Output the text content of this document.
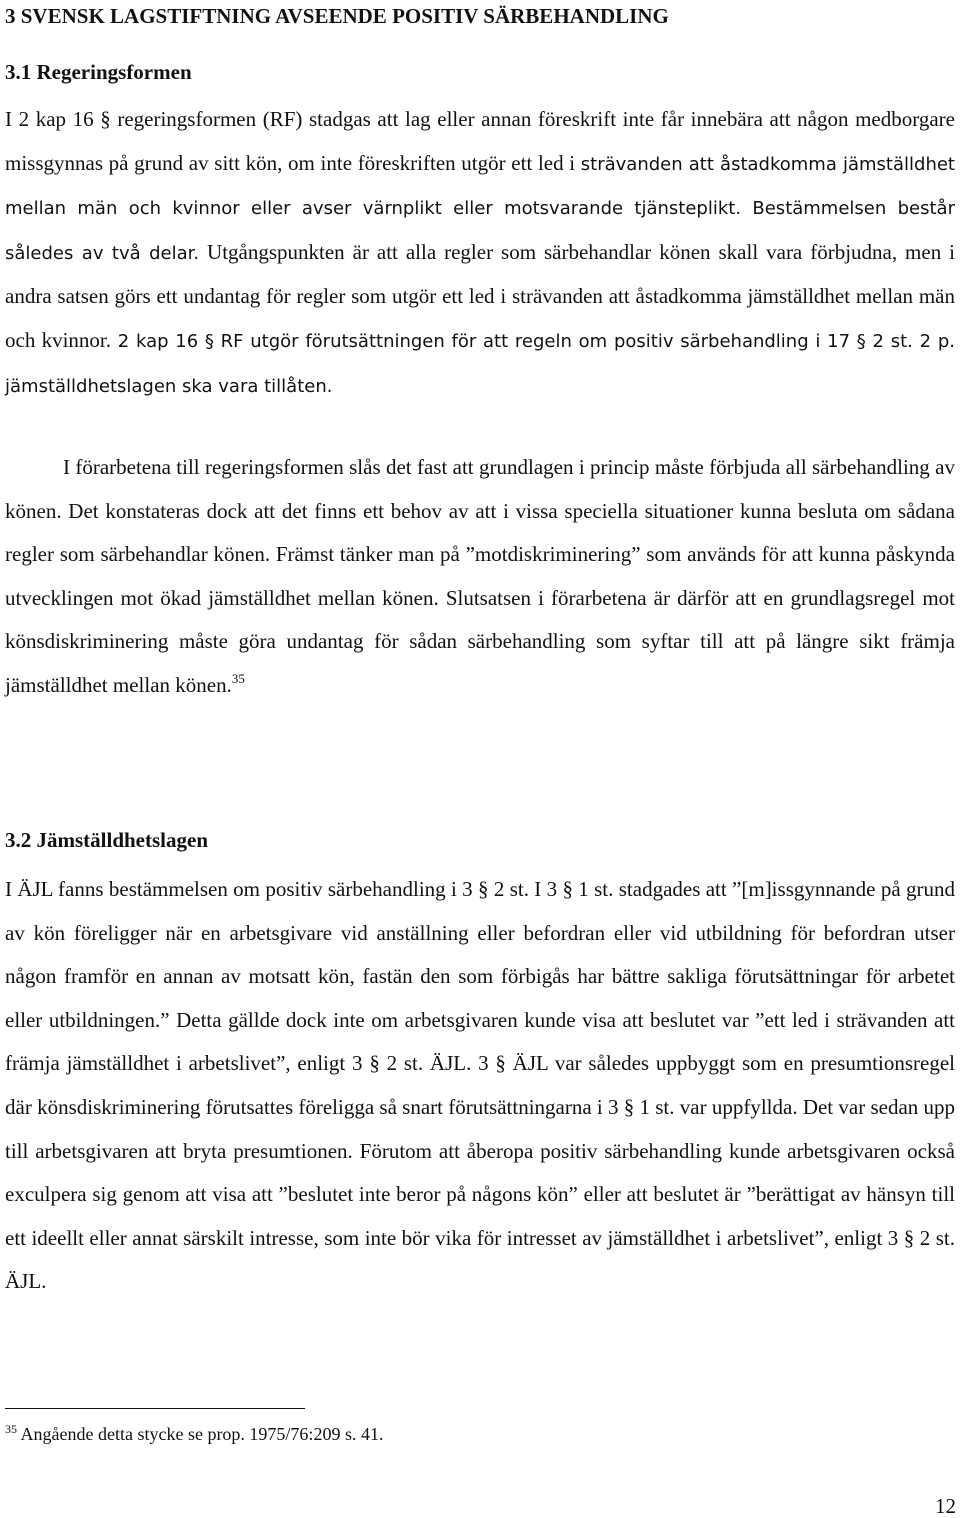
3 SVENSK LAGSTIFTNING AVSEENDE POSITIV SÄRBEHANDLING
3.1 Regeringsformen

I 2 kap 16 § regeringsformen (RF) stadgas att lag eller annan föreskrift inte får innebära att någon medborgare missgynnas på grund av sitt kön, om inte föreskriften utgör ett led i strävanden att åstadkomma jämställdhet mellan män och kvinnor eller avser värnplikt eller motsvarande tjänsteplikt. Bestämmelsen består således av två delar. Utgångspunkten är att alla regler som särbehandlar könen skall vara förbjudna, men i andra satsen görs ett undantag för regler som utgör ett led i strävanden att åstadkomma jämställdhet mellan män och kvinnor. 2 kap 16 § RF utgör förutsättningen för att regeln om positiv särbehandling i 17 § 2 st. 2 p. jämställdhetslagen ska vara tillåten.

I förarbetena till regeringsformen slås det fast att grundlagen i princip måste förbjuda all särbehandling av könen. Det konstateras dock att det finns ett behov av att i vissa speciella situationer kunna besluta om sådana regler som särbehandlar könen. Främst tänker man på ”motdiskriminering” som används för att kunna påskynda utvecklingen mot ökad jämställdhet mellan könen. Slutsatsen i förarbetena är därför att en grundlagsregel mot könsdiskriminering måste göra undantag för sådan särbehandling som syftar till att på längre sikt främja jämställdhet mellan könen.$^{35}$

3.2 Jämställdhetslagen

I ÄJL fanns bestämmelsen om positiv särbehandling i 3 § 2 st. I 3 § 1 st. stadgades att ”[m]issgynnande på grund av kön föreligger när en arbetsgivare vid anställning eller befordran eller vid utbildning för befordran utser någon framför en annan av motsatt kön, fastän den som förbigås har bättre sakliga förutsättningar för arbetet eller utbildningen.” Detta gällde dock inte om arbetsgivaren kunde visa att beslutet var ”ett led i strävanden att främja jämställdhet i arbetslivet”, enligt 3 § 2 st. ÄJL. 3 § ÄJL var således uppbyggt som en presumtionsregel där könsdiskriminering förutsattes föreligga så snart förutsättningarna i 3 § 1 st. var uppfyllda. Det var sedan upp till arbetsgivaren att bryta presumtionen. Förutom att åberopa positiv särbehandling kunde arbetsgivaren också exculpera sig genom att visa att ”beslutet inte beror på någons kön” eller att beslutet är ”berättigat av hänsyn till ett ideellt eller annat särskilt intresse, som inte bör vika för intresset av jämställdhet i arbetslivet”, enligt 3 § 2 st. ÄJL.

$^{35}$ Angående detta stycke se prop. 1975/76:209 s. 41.
12
